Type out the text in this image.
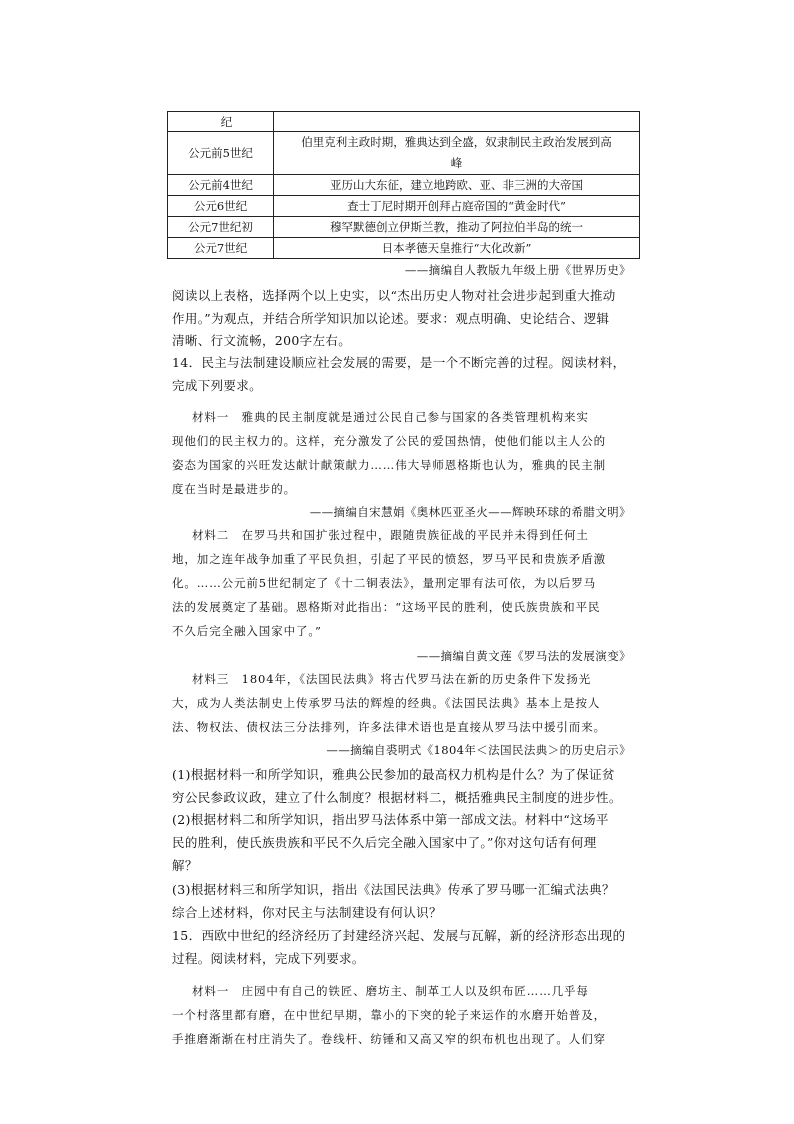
纪	
公元前5世纪	伯里克利主政时期，雅典达到全盛，奴隶制民主政治发展到高
峰

公元前4世纪	亚历山大东征，建立地跨欧、亚、非三洲的大帝国
公元6世纪	查士丁尼时期开创拜占庭帝国的“黄金时代”
公元7世纪初	穆罕默德创立伊斯兰教，推动了阿拉伯半岛的统一
公元7世纪	日本孝德天皇推行“大化改新”
——摘编自人教版九年级上册《世界历史》
阅读以上表格，选择两个以上史实，以“杰出历史人物对社会进步起到重大推动
作用。”为观点，并结合所学知识加以论述。要求：观点明确、史论结合、逻辑
清晰、行文流畅，200字左右。
14．民主与法制建设顺应社会发展的需要，是一个不断完善的过程。阅读材料，
完成下列要求。
材料一　雅典的民主制度就是通过公民自己参与国家的各类管理机构来实
现他们的民主权力的。这样，充分激发了公民的爱国热情，使他们能以主人公的
姿态为国家的兴旺发达献计献策献力……伟大导师恩格斯也认为，雅典的民主制
度在当时是最进步的。
——摘编自宋慧娟《奥林匹亚圣火——辉映环球的希腊文明》
材料二　在罗马共和国扩张过程中，跟随贵族征战的平民并未得到任何土
地，加之连年战争加重了平民负担，引起了平民的愤怒，罗马平民和贵族矛盾激
化。……公元前5世纪制定了《十二铜表法》，量刑定罪有法可依，为以后罗马
法的发展奠定了基础。恩格斯对此指出：“这场平民的胜利，使氏族贵族和平民
不久后完全融入国家中了。”
——摘编自黄文莲《罗马法的发展演变》
材料三　1804年，《法国民法典》将古代罗马法在新的历史条件下发扬光
大，成为人类法制史上传承罗马法的辉煌的经典。《法国民法典》基本上是按人
法、物权法、债权法三分法排列，许多法律术语也是直接从罗马法中援引而来。
——摘编自裘明式《1804年＜法国民法典＞的历史启示》
(1)根据材料一和所学知识，雅典公民参加的最高权力机构是什么？为了保证贫
穷公民参政议政，建立了什么制度？根据材料二，概括雅典民主制度的进步性。
(2)根据材料二和所学知识，指出罗马法体系中第一部成文法。材料中“这场平
民的胜利，使氏族贵族和平民不久后完全融入国家中了。”你对这句话有何理
解？
(3)根据材料三和所学知识，指出《法国民法典》传承了罗马哪一汇编式法典？
综合上述材料，你对民主与法制建设有何认识？
15．西欧中世纪的经济经历了封建经济兴起、发展与瓦解，新的经济形态出现的
过程。阅读材料，完成下列要求。
材料一　庄园中有自己的铁匠、磨坊主、制革工人以及织布匠……几乎每
一个村落里都有磨，在中世纪早期，靠小的下突的轮子来运作的水磨开始普及，
手推磨渐渐在村庄消失了。卷线杆、纺锤和又高又窄的织布机也出现了。人们穿
